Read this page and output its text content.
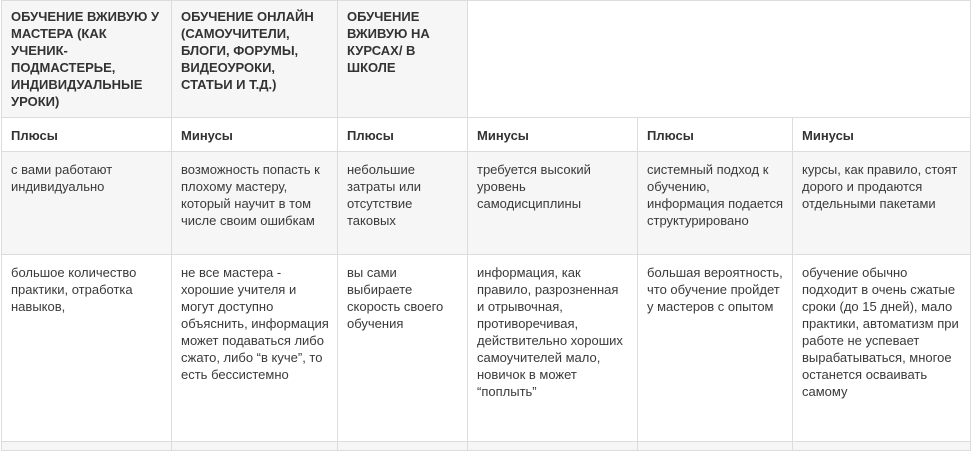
ОБУЧЕНИЕ ВЖИВУЮ У МАСТЕРА (КАК УЧЕНИК-ПОДМАСТЕРЬЕ, ИНДИВИДУАЛЬНЫЕ УРОКИ)	ОБУЧЕНИЕ ОНЛАЙН (САМОУЧИТЕЛИ, БЛОГИ, ФОРУМЫ, ВИДЕОУРОКИ, СТАТЬИ И Т.Д.)	ОБУЧЕНИЕ ВЖИВУЮ НА КУРСАХ/ В ШКОЛЕ			
Плюсы	Минусы	Плюсы	Минусы	Плюсы	Минусы
с вами работают индивидуально	возможность попасть к плохому мастеру, который научит в том числе своим ошибкам	небольшие затраты или отсутствие таковых	требуется высокий уровень самодисциплины	системный подход к обучению, информация подается структурировано	курсы, как правило, стоят дорого и продаются отдельными пакетами
большое количество практики, отработка навыков,	не все мастера - хорошие учителя и могут доступно объяснить, информация может подаваться либо сжато, либо “в куче”, то есть бессистемно	вы сами выбираете скорость своего обучения	информация, как правило, разрозненная и отрывочная, противоречивая, действительно хороших самоучителей мало, новичок в может “поплыть”	большая вероятность, что обучение пройдет у мастеров с опытом	обучение обычно подходит в очень сжатые сроки (до 15 дней), мало практики, автоматизм при работе не успевает вырабатываться, многое останется осваивать самому
